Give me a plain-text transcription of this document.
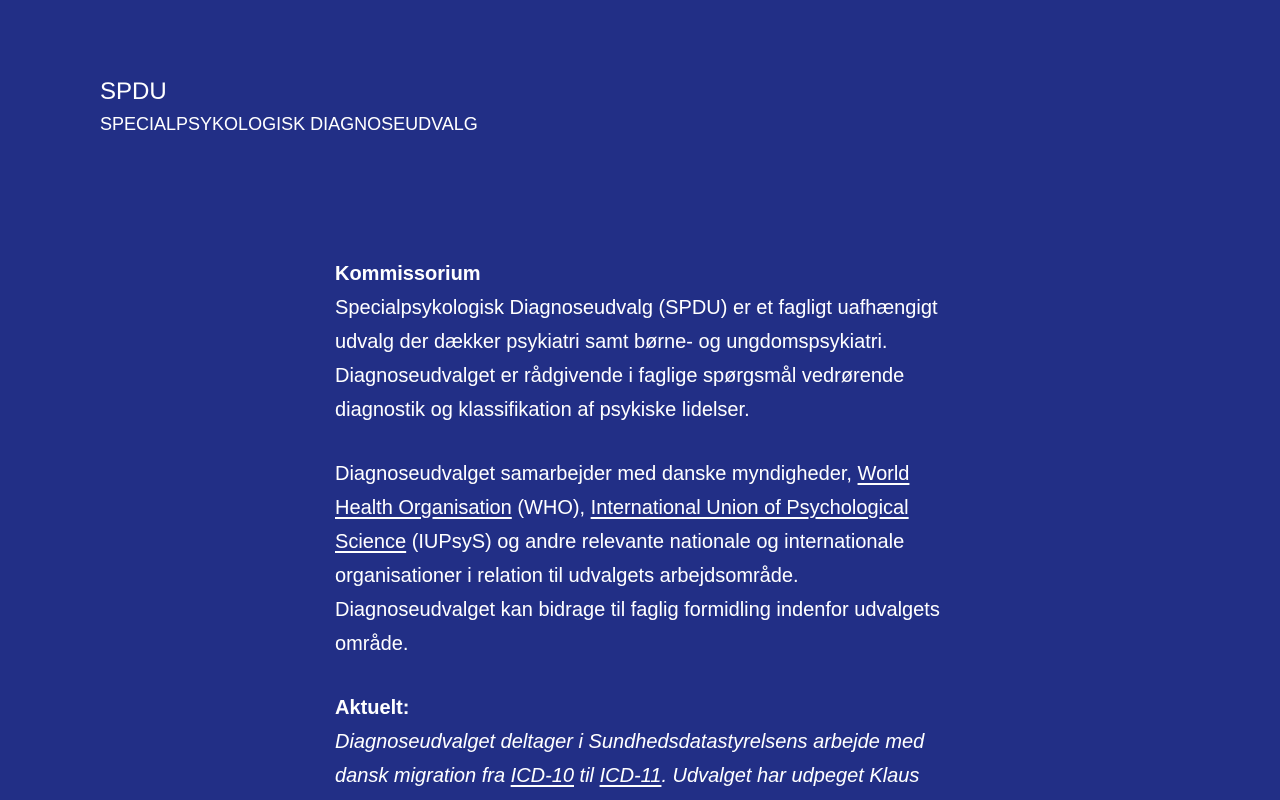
SPDU
SPECIALPSYKOLOGISK DIAGNOSEUDVALG

Kommissorium
Specialpsykologisk Diagnoseudvalg (SPDU) er et fagligt uafhængigt udvalg der dækker psykiatri samt børne- og ungdomspsykiatri. Diagnoseudvalget er rådgivende i faglige spørgsmål vedrørende diagnostik og klassifikation af psykiske lidelser.

Diagnoseudvalget samarbejder med danske myndigheder, World Health Organisation (WHO), International Union of Psychological Science (IUPsyS) og andre relevante nationale og internationale organisationer i relation til udvalgets arbejdsområde. Diagnoseudvalget kan bidrage til faglig formidling indenfor udvalgets område.

Aktuelt:
Diagnoseudvalget deltager i Sundhedsdatastyrelsens arbejde med dansk migration fra ICD-10 til ICD-11. Udvalget har udpeget Klaus
